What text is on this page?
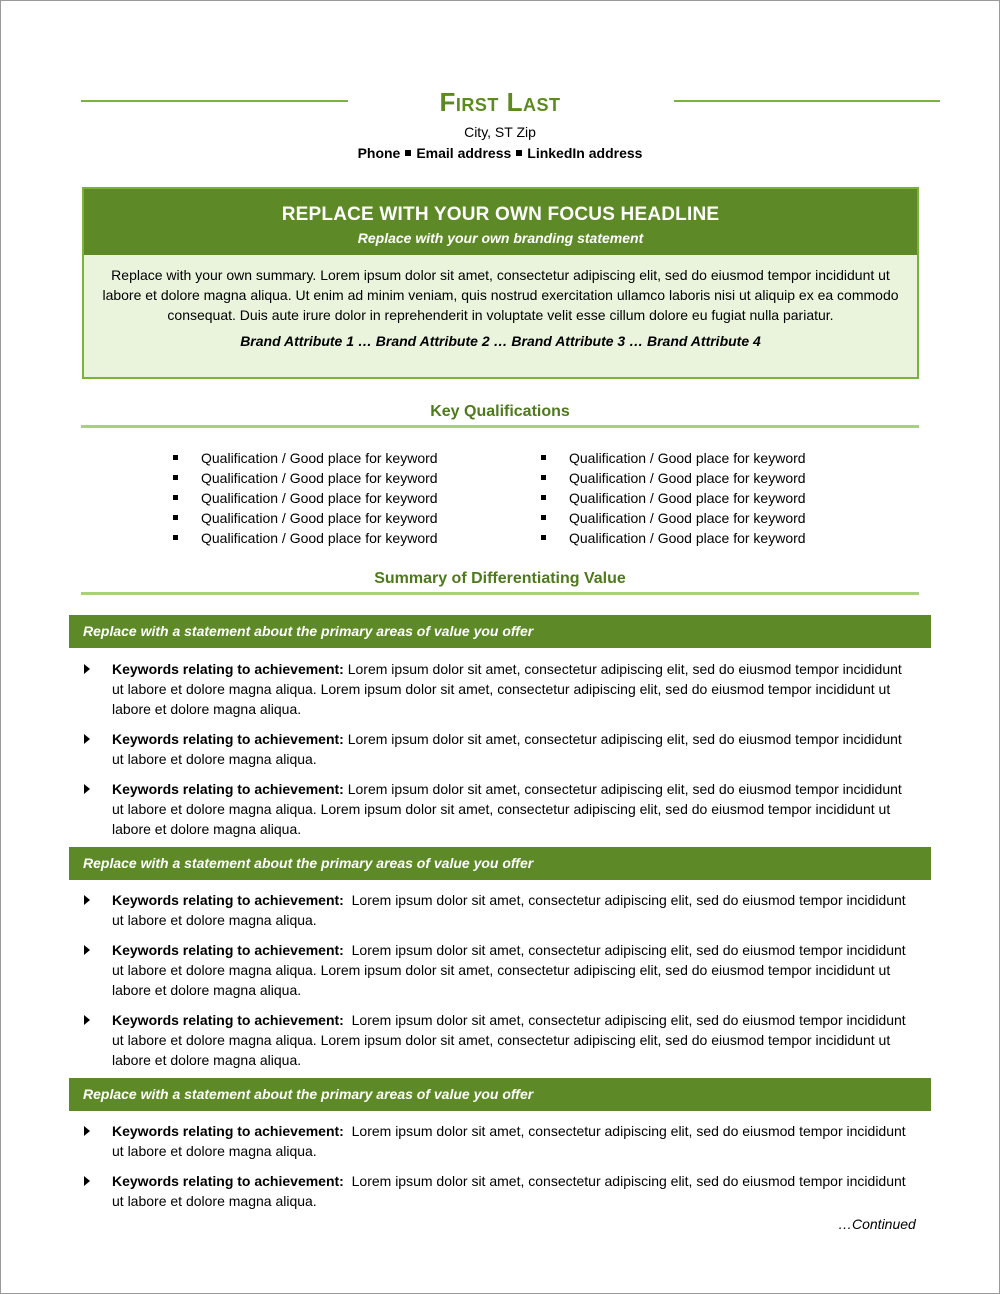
First Last
City, ST Zip
Phone Email address LinkedIn address
REPLACE WITH YOUR OWN FOCUS HEADLINE
Replace with your own branding statement
Replace with your own summary. Lorem ipsum dolor sit amet, consectetur adipiscing elit, sed do eiusmod tempor incididunt ut labore et dolore magna aliqua. Ut enim ad minim veniam, quis nostrud exercitation ullamco laboris nisi ut aliquip ex ea commodo consequat. Duis aute irure dolor in reprehenderit in voluptate velit esse cillum dolore eu fugiat nulla pariatur.
Brand Attribute 1 … Brand Attribute 2 … Brand Attribute 3 … Brand Attribute 4
Key Qualifications
Qualification / Good place for keyword
Qualification / Good place for keyword
Qualification / Good place for keyword
Qualification / Good place for keyword
Qualification / Good place for keyword
Qualification / Good place for keyword
Qualification / Good place for keyword
Qualification / Good place for keyword
Qualification / Good place for keyword
Qualification / Good place for keyword
Summary of Differentiating Value
Replace with a statement about the primary areas of value you offer
Keywords relating to achievement: Lorem ipsum dolor sit amet, consectetur adipiscing elit, sed do eiusmod tempor incididunt ut labore et dolore magna aliqua. Lorem ipsum dolor sit amet, consectetur adipiscing elit, sed do eiusmod tempor incididunt ut labore et dolore magna aliqua.
Keywords relating to achievement: Lorem ipsum dolor sit amet, consectetur adipiscing elit, sed do eiusmod tempor incididunt ut labore et dolore magna aliqua.
Keywords relating to achievement: Lorem ipsum dolor sit amet, consectetur adipiscing elit, sed do eiusmod tempor incididunt ut labore et dolore magna aliqua. Lorem ipsum dolor sit amet, consectetur adipiscing elit, sed do eiusmod tempor incididunt ut labore et dolore magna aliqua.
Replace with a statement about the primary areas of value you offer
Keywords relating to achievement:  Lorem ipsum dolor sit amet, consectetur adipiscing elit, sed do eiusmod tempor incididunt ut labore et dolore magna aliqua.
Keywords relating to achievement:  Lorem ipsum dolor sit amet, consectetur adipiscing elit, sed do eiusmod tempor incididunt ut labore et dolore magna aliqua. Lorem ipsum dolor sit amet, consectetur adipiscing elit, sed do eiusmod tempor incididunt ut labore et dolore magna aliqua.
Keywords relating to achievement:  Lorem ipsum dolor sit amet, consectetur adipiscing elit, sed do eiusmod tempor incididunt ut labore et dolore magna aliqua. Lorem ipsum dolor sit amet, consectetur adipiscing elit, sed do eiusmod tempor incididunt ut labore et dolore magna aliqua.
Replace with a statement about the primary areas of value you offer
Keywords relating to achievement:  Lorem ipsum dolor sit amet, consectetur adipiscing elit, sed do eiusmod tempor incididunt ut labore et dolore magna aliqua.
Keywords relating to achievement:  Lorem ipsum dolor sit amet, consectetur adipiscing elit, sed do eiusmod tempor incididunt ut labore et dolore magna aliqua.
…Continued
